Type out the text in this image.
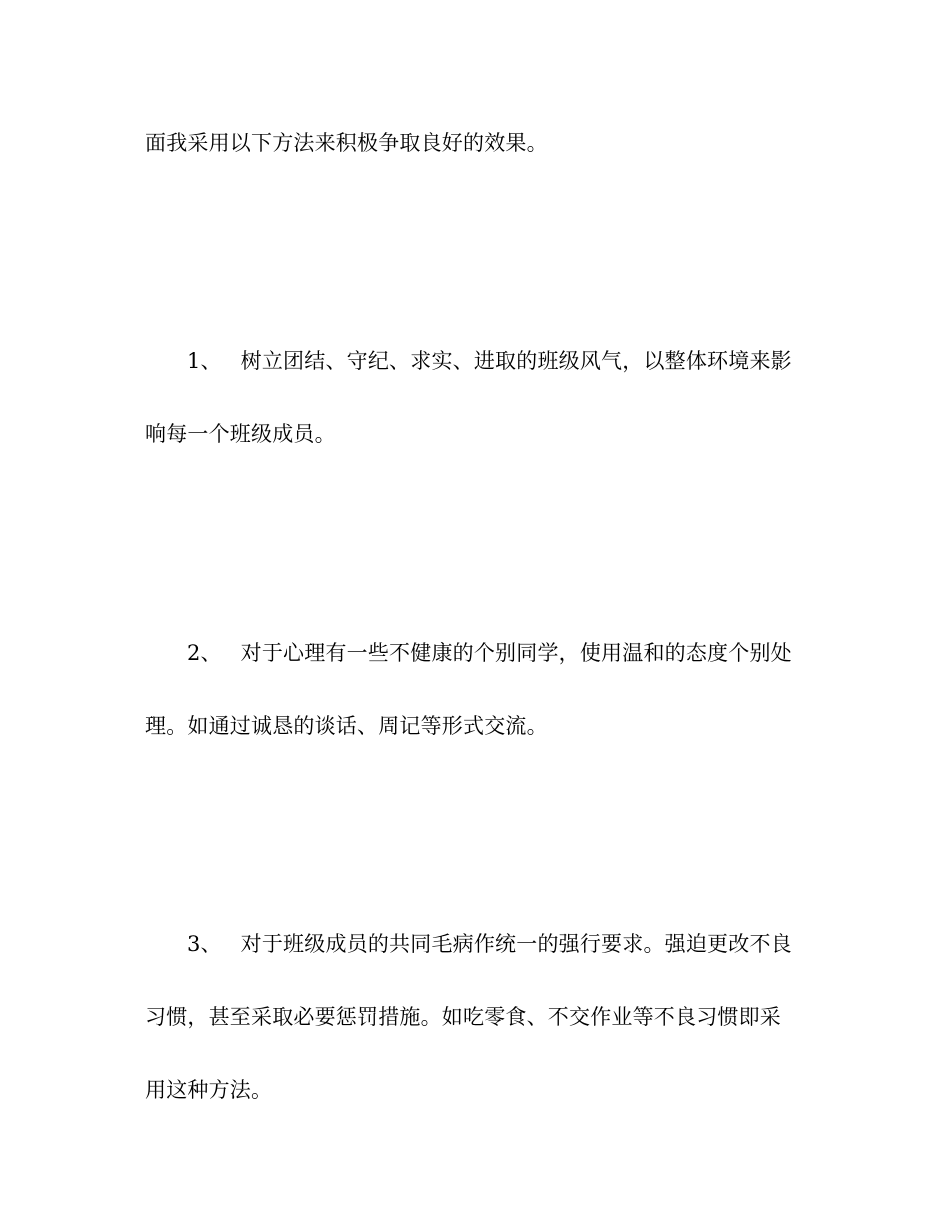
面我采用以下方法来积极争取良好的效果。
1、 树立团结、守纪、求实、进取的班级风气，以整体环境来影
响每一个班级成员。
2、 对于心理有一些不健康的个别同学，使用温和的态度个别处
理。如通过诚恳的谈话、周记等形式交流。
3、 对于班级成员的共同毛病作统一的强行要求。强迫更改不良
习惯，甚至采取必要惩罚措施。如吃零食、不交作业等不良习惯即采
用这种方法。
